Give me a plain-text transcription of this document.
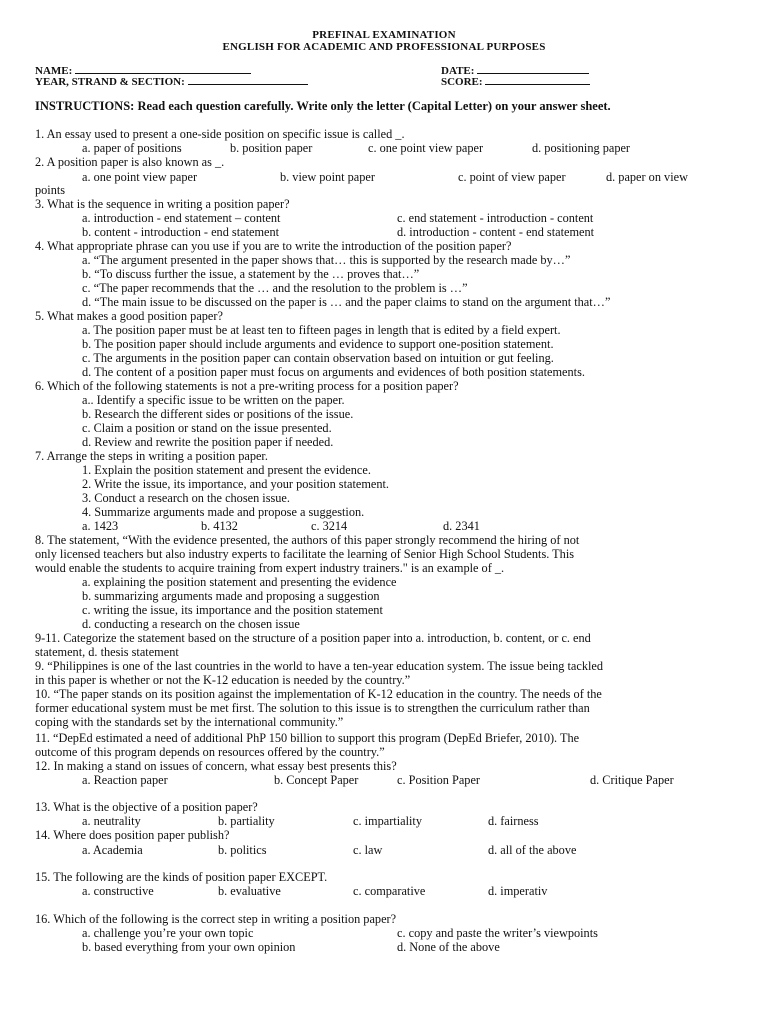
PREFINAL EXAMINATION
ENGLISH FOR ACADEMIC AND PROFESSIONAL PURPOSES
NAME:	DATE:
YEAR, STRAND & SECTION:	SCORE:
INSTRUCTIONS: Read each question carefully. Write only the letter (Capital Letter) on your answer sheet.
1. An essay used to present a one-side position on specific issue is called _.
a. paper of positions	b. position paper	c. one point view paper	d. positioning paper
2. A position paper is also known as _.
a. one point view paper	b. view point paper	c. point of view paper	d. paper on view
points
3. What is the sequence in writing a position paper?
a. introduction - end statement – content	c. end statement - introduction - content
b. content - introduction - end statement	d. introduction - content - end statement
4. What appropriate phrase can you use if you are to write the introduction of the position paper?
a. “The argument presented in the paper shows that… this is supported by the research made by…”
b. “To discuss further the issue, a statement by the … proves that…”
c. “The paper recommends that the … and the resolution to the problem is …”
d. “The main issue to be discussed on the paper is … and the paper claims to stand on the argument that…”
5. What makes a good position paper?
a. The position paper must be at least ten to fifteen pages in length that is edited by a field expert.
b. The position paper should include arguments and evidence to support one-position statement.
c. The arguments in the position paper can contain observation based on intuition or gut feeling.
d. The content of a position paper must focus on arguments and evidences of both position statements.
6. Which of the following statements is not a pre-writing process for a position paper?
a.. Identify a specific issue to be written on the paper.
b. Research the different sides or positions of the issue.
c. Claim a position or stand on the issue presented.
d. Review and rewrite the position paper if needed.
7. Arrange the steps in writing a position paper.
1. Explain the position statement and present the evidence.
2. Write the issue, its importance, and your position statement.
3. Conduct a research on the chosen issue.
4. Summarize arguments made and propose a suggestion.
a. 1423	b. 4132	c. 3214	d. 2341
8. The statement, “With the evidence presented, the authors of this paper strongly recommend the hiring of not
only licensed teachers but also industry experts to facilitate the learning of Senior High School Students. This
would enable the students to acquire training from expert industry trainers." is an example of _.
a. explaining the position statement and presenting the evidence
b. summarizing arguments made and proposing a suggestion
c. writing the issue, its importance and the position statement
d. conducting a research on the chosen issue
9-11. Categorize the statement based on the structure of a position paper into a. introduction, b. content, or c. end
statement, d. thesis statement
9. “Philippines is one of the last countries in the world to have a ten-year education system. The issue being tackled
in this paper is whether or not the K-12 education is needed by the country.”
10. “The paper stands on its position against the implementation of K-12 education in the country. The needs of the
former educational system must be met first. The solution to this issue is to strengthen the curriculum rather than
coping with the standards set by the international community.”
11. “DepEd estimated a need of additional PhP 150 billion to support this program (DepEd Briefer, 2010). The
outcome of this program depends on resources offered by the country.”
12. In making a stand on issues of concern, what essay best presents this?
a. Reaction paper	b. Concept Paper	c. Position Paper	d. Critique Paper
13. What is the objective of a position paper?
a. neutrality	b. partiality	c. impartiality	d. fairness
14. Where does position paper publish?
a. Academia	b. politics	c. law	d. all of the above
15. The following are the kinds of position paper EXCEPT.
a. constructive	b. evaluative	c. comparative	d. imperativ
16. Which of the following is the correct step in writing a position paper?
a. challenge you’re your own topic	c. copy and paste the writer’s viewpoints
b. based everything from your own opinion	d. None of the above
